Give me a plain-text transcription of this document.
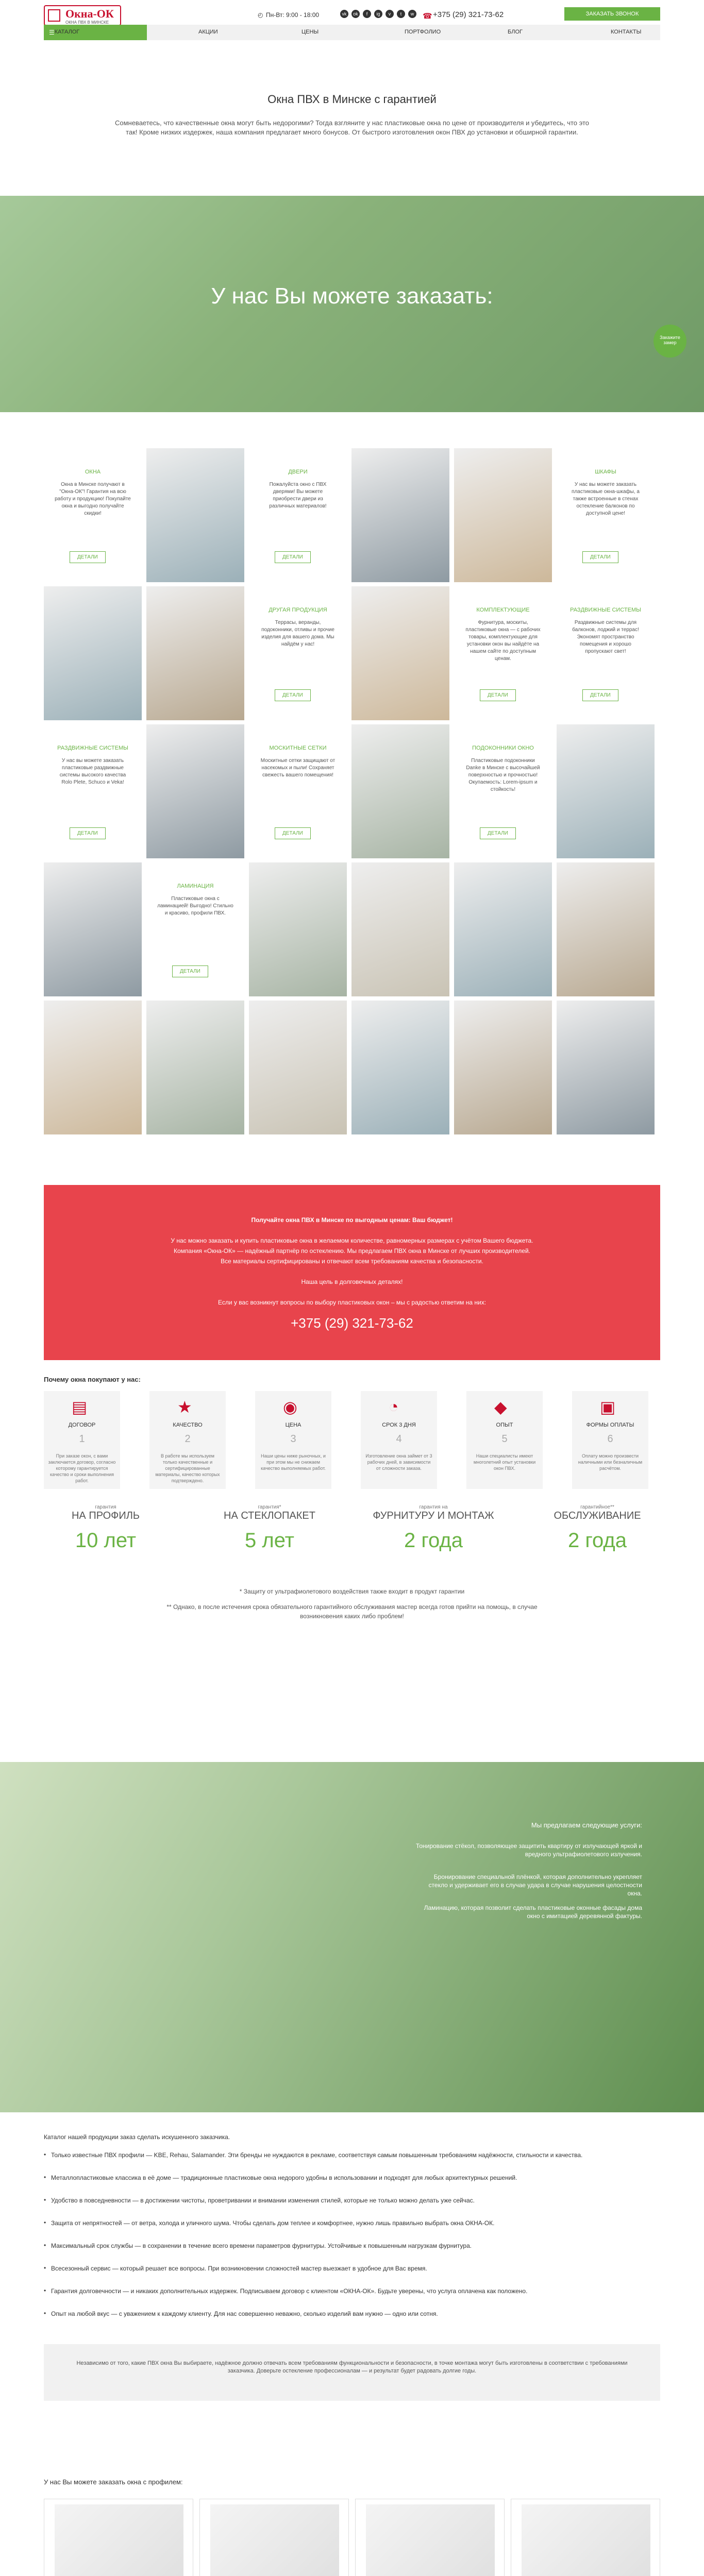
Окна-ОК
ОКНА ПВХ В МИНСКЕ
◴ Пн-Вт: 9:00 - 18:00	vk	ok	f	ig	v	t	w	☎ +375 (29) 321-73-62	ЗАКАЗАТЬ ЗВОНОК
☰ КАТАЛОГ	АКЦИИ	ЦЕНЫ	ПОРТФОЛИО	БЛОГ	КОНТАКТЫ
Окна ПВХ в Минске с гарантией
Сомневаетесь, что качественные окна могут быть недорогими? Тогда взгляните у нас пластиковые окна по цене от производителя и убедитесь, что это так! Кроме низких издержек, наша компания предлагает много бонусов. От быстрого изготовления окон ПВХ до установки и обширной гарантии.
У нас Вы можете заказать:
Закажите замер
ОКНА
Окна в Минске получают в "Окна-ОК"! Гарантия на всю работу и продукцию! Покупайте окна и выгодно получайте скидки!
ДЕТАЛИ
ДВЕРИ
Пожалуйста окно с ПВХ дверями! Вы можете приобрести двери из различных материалов!
ДЕТАЛИ
ШКАФЫ
У нас вы можете заказать пластиковые окна-шкафы, а также встроенные в стенах остекление балконов по доступной цене!
ДЕТАЛИ
ДРУГАЯ ПРОДУКЦИЯ
Террасы, веранды, подоконники, отливы и прочие изделия для вашего дома. Мы найдём у нас!
ДЕТАЛИ
КОМПЛЕКТУЮЩИЕ
Фурнитура, москиты, пластиковые окна — с рабочих товары, комплектующие для установки окон вы найдёте на нашем сайте по доступным ценам.
ДЕТАЛИ
РАЗДВИЖНЫЕ СИСТЕМЫ
Раздвижные системы для балконов, лоджий и террас! Экономят пространство помещения и хорошо пропускают свет!
ДЕТАЛИ
РАЗДВИЖНЫЕ СИСТЕМЫ
У нас вы можете заказать пластиковые раздвижные системы высокого качества Rolo Plete, Schuco и Veka!
ДЕТАЛИ
МОСКИТНЫЕ СЕТКИ
Москитные сетки защищают от насекомых и пыли! Сохраняет свежесть вашего помещения!
ДЕТАЛИ
ПОДОКОННИКИ ОКНО
Пластиковые подоконники Danke в Минске с высочайшей поверхностью и прочностью! Окупаемость: Lorem-ipsum и стойкость!
ДЕТАЛИ
ЛАМИНАЦИЯ
Пластиковые окна с ламинацией! Выгодно! Стильно и красиво, профили ПВХ.
ДЕТАЛИ

Получайте окна ПВХ в Минске по выгодным ценам: Ваш бюджет!

У нас можно заказать и купить пластиковые окна в желаемом количестве, равномерных размерах с учётом Вашего бюджета.

Компания «Окна-ОК» — надёжный партнёр по остеклению. Мы предлагаем ПВХ окна в Минске от лучших производителей.

Все материалы сертифицированы и отвечают всем требованиям качества и безопасности.

Наша цель в долговечных деталях!

Если у вас возникнут вопросы по выбору пластиковых окон – мы с радостью ответим на них:

+375 (29) 321-73-62

Почему окна покупают у нас:
▤
ДОГОВОР
1
При заказе окон, с вами заключается договор, согласно которому гарантируется качество и сроки выполнения работ.
★
КАЧЕСТВО
2
В работе мы используем только качественные и сертифицированные материалы, качество которых подтверждено.
◉
ЦЕНА
3
Наши цены ниже рыночных, и при этом мы не снижаем качество выполняемых работ.
◔
СРОК 3 ДНЯ
4
Изготовление окна займет от 3 рабочих дней, в зависимости от сложности заказа.
◆
ОПЫТ
5
Наши специалисты имеют многолетний опыт установки окон ПВХ.
▣
ФОРМЫ ОПЛАТЫ
6
Оплату можно произвести наличными или безналичным расчётом.
гарантия
НА ПРОФИЛЬ
10 лет
гарантия*
НА СТЕКЛОПАКЕТ
5 лет
гарантия на
ФУРНИТУРУ И МОНТАЖ
2 года
гарантийное**
ОБСЛУЖИВАНИЕ
2 года
* Защиту от ультрафиолетового воздействия также входит в продукт гарантии
** Однако, в после истечения срока обязательного гарантийного обслуживания мастер всегда готов прийти на помощь, в случае возникновения каких либо проблем!
Мы предлагаем следующие услуги:
Тонирование стёкол, позволяющее защитить квартиру от излучающей яркой и вредного ультрафиолетового излучения.
Бронирование специальной плёнкой, которая дополнительно укрепляет стекло и удерживает его в случае удара в случае нарушения целостности окна.
Ламинацию, которая позволит сделать пластиковые оконные фасады дома окно с имитацией деревянной фактуры.
Каталог нашей продукции заказ сделать искушенного заказчика.
Только известные ПВХ профили — KBE, Rehau, Salamander. Эти бренды не нуждаются в рекламе, соответствуя самым повышенным требованиям надёжности, стильности и качества.
•
Металлопластиковые классика в её доме — традиционные пластиковые окна недорого удобны в использовании и подходят для любых архитектурных решений.
•
Удобство в повседневности — в достижении чистоты, проветривании и внимании изменения стилей, которые не только можно делать уже сейчас.
•
Защита от непрятностей — от ветра, холода и уличного шума. Чтобы сделать дом теплее и комфортнее, нужно лишь правильно выбрать окна ОКНА-ОК.
•
Максимальный срок службы — в сохранении в течение всего времени параметров фурнитуры. Устойчивые к повышенным нагрузкам фурнитура.
•
Всесезонный сервис — который решает все вопросы. При возникновении сложностей мастер выезжает в удобное для Вас время.
•
Гарантия долговечности — и никаких дополнительных издержек. Подписываем договор с клиентом «ОКНА-ОК». Будьте уверены, что услуга оплачена как положено.
•
Опыт на любой вкус — с уважением к каждому клиенту. Для нас совершенно неважно, сколько изделий вам нужно — одно или сотня.
•

Независимо от того, какие ПВХ окна Вы выбираете, надёжное должно отвечать всем требованиям функциональности и безопасности, в точке монтажа могут быть изготовлены в соответствии с требованиями заказчика. Доверьте остекление профессионалам — и результат будет радовать долгие годы.

У нас Вы можете заказать окна с профилем:
